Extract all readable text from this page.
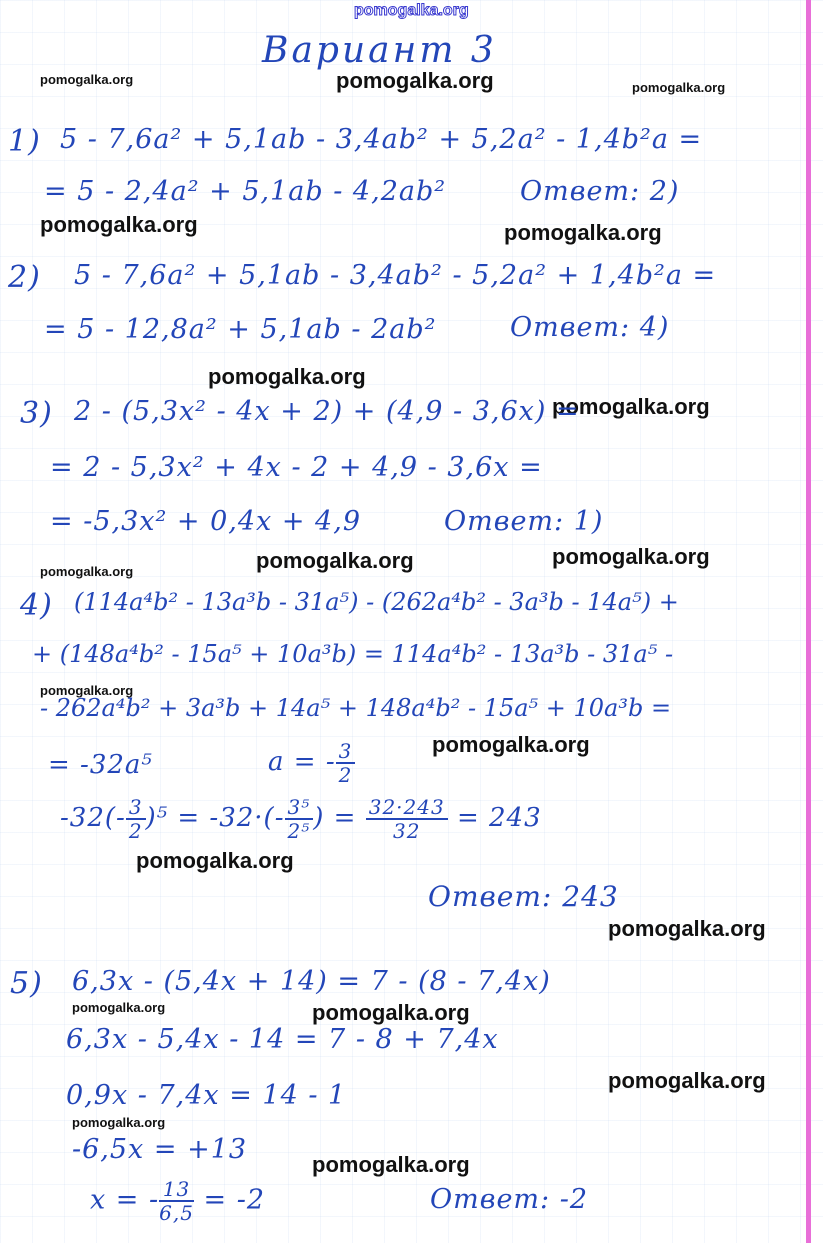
pomogalka.org
pomogalka.org	pomogalka.org	pomogalka.org
pomogalka.org	pomogalka.org
pomogalka.org
pomogalka.org
pomogalka.org	pomogalka.org
pomogalka.org
pomogalka.org
pomogalka.org
pomogalka.org
pomogalka.org
pomogalka.org	pomogalka.org
pomogalka.org
pomogalka.org
pomogalka.org
Вариант 3
1) 5 - 7,6a² + 5,1ab - 3,4ab² + 5,2a² - 1,4b²a =
= 5 - 2,4a² + 5,1ab - 4,2ab²	Ответ: 2)
2) 5 - 7,6a² + 5,1ab - 3,4ab² - 5,2a² + 1,4b²a =
= 5 - 12,8a² + 5,1ab - 2ab²	Ответ: 4)
3) 2 - (5,3x² - 4x + 2) + (4,9 - 3,6x) =
= 2 - 5,3x² + 4x - 2 + 4,9 - 3,6x =
= -5,3x² + 0,4x + 4,9	Ответ: 1)
4) (114a⁴b² - 13a³b - 31a⁵) - (262a⁴b² - 3a³b - 14a⁵) +
+ (148a⁴b² - 15a⁵ + 10a³b) = 114a⁴b² - 13a³b - 31a⁵ -
- 262a⁴b² + 3a³b + 14a⁵ + 148a⁴b² - 15a⁵ + 10a³b =
= -32a⁵	a = - $\frac{3}{2}$
$-32(- \frac{3}{2} )^5 = -32\cdot(- \frac{\text{3⁵}}{\text{2⁵}}$ ) = $\frac{32\cdot 243}{32} = 243$
Ответ: 243
5) 6,3x - (5,4x + 14) = 7 - (8 - 7,4x)
6,3x - 5,4x - 14 = 7 - 8 + 7,4x
0,9x - 7,4x = 14 - 1
-6,5x = +13
x = - $\frac{13}{6,5} = -2$	Ответ: -2
